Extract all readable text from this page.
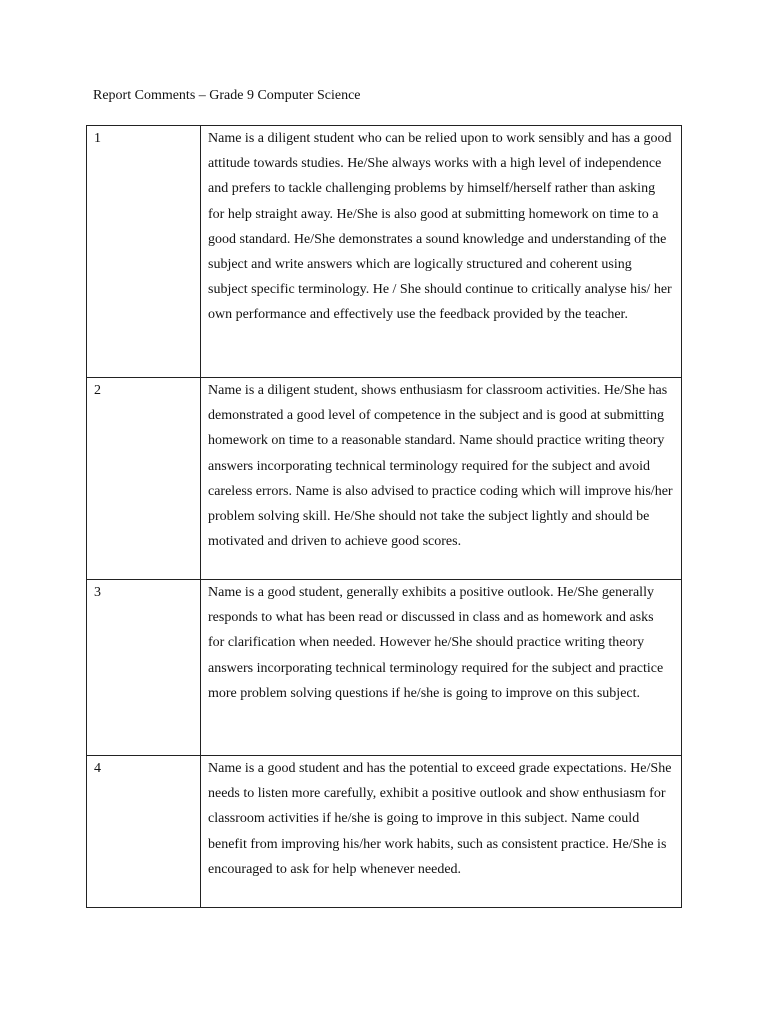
Report Comments – Grade 9 Computer Science
1	Name is a diligent student who can be relied upon to work sensibly and has a good attitude towards studies. He/She always works with a high level of independence and prefers to tackle challenging problems by himself/herself rather than asking for help straight away. He/She is also good at submitting homework on time to a good standard. He/She demonstrates a sound knowledge and understanding of the subject and write answers which are logically structured and coherent using subject specific terminology. He / She should continue to critically analyse his/ her own performance and effectively use the feedback provided by the teacher.

2	Name is a diligent student, shows enthusiasm for classroom activities. He/She has demonstrated a good level of competence in the subject and is good at submitting homework on time to a reasonable standard. Name should practice writing theory answers incorporating technical terminology required for the subject and avoid careless errors. Name is also advised to practice coding which will improve his/her problem solving skill. He/She should not take the subject lightly and should be motivated and driven to achieve good scores.

3	Name is a good student, generally exhibits a positive outlook. He/She generally responds to what has been read or discussed in class and as homework and asks for clarification when needed. However he/She should practice writing theory answers incorporating technical terminology required for the subject and practice more problem solving questions if he/she is going to improve on this subject.

4	Name is a good student and has the potential to exceed grade expectations. He/She needs to listen more carefully, exhibit a positive outlook and show enthusiasm for classroom activities if he/she is going to improve in this subject. Name could benefit from improving his/her work habits, such as consistent practice. He/She is encouraged to ask for help whenever needed.
